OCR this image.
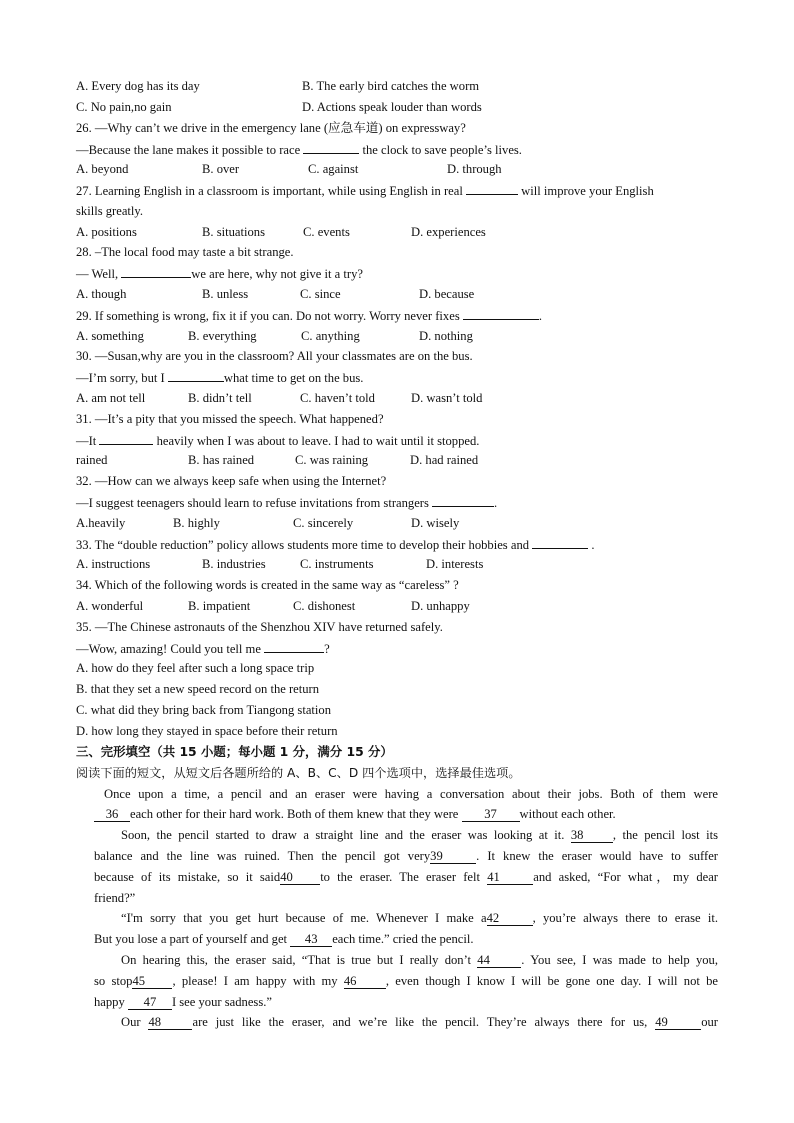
A. Every dog has its day	B. The early bird catches the worm
C. No pain,no gain	D. Actions speak louder than words
26. —Why can’t we drive in the emergency lane (应急车道) on expressway?
—Because the lane makes it possible to race	the clock to save people’s lives.
A. beyond	B. over	C. against	D. through
27. Learning English in a classroom is important, while using English in real	will improve your English
skills greatly.
A. positions	B. situations	C. events	D. experiences
28. –The local food may taste a bit strange.
— Well,	we are here, why not give it a try?
A. though	B. unless	C. since	D. because
29. If something is wrong, fix it if you can. Do not worry. Worry never fixes	.
A. something	B. everything	C. anything	D. nothing
30. —Susan,why are you in the classroom? All your classmates are on the bus.
—I’m sorry, but I	what time to get on the bus.
A. am not tell	B. didn’t tell	C. haven’t told	D. wasn’t told
31. —It’s a pity that you missed the speech. What happened?
—It	heavily when I was about to leave. I had to wait until it stopped.
rained	B. has rained	C. was raining	D. had rained
32. —How can we always keep safe when using the Internet?
—I suggest teenagers should learn to refuse invitations from strangers	.
A.heavily	B. highly	C. sincerely	D. wisely
33. The “double reduction” policy allows students more time to develop their hobbies and	.
A. instructions	B. industries	C. instruments	D. interests
34. Which of the following words is created in the same way as “careless” ?
A. wonderful	B. impatient	C. dishonest	D. unhappy
35. —The Chinese astronauts of the Shenzhou XIV have returned safely.
—Wow, amazing! Could you tell me	?
A. how do they feel after such a long space trip
B. that they set a new speed record on the return
C. what did they bring back from Tiangong station
D. how long they stayed in space before their return
三、完形填空（共 15 小题；每小题 1 分，满分 15 分）
阅读下面的短文，从短文后各题所给的 A、B、C、D 四个选项中，选择最佳选项。
Once upon a time, a pencil and an eraser were having a conversation about their jobs. Both of them were
36 each other for their hard work. Both of them knew that they were 37 without each other.
Soon, the pencil started to draw a straight line and the eraser was looking at it. 38 , the pencil lost its
balance and the line was ruined. Then the pencil got very39	. It knew the eraser would have to suffer
because of its mistake, so it said40 to the eraser. The eraser felt 41	and asked, “For what，my dear
friend?”
“I'm sorry that you get hurt because of me. Whenever I make a42	, you’re always there to erase it.
But you lose a part of yourself and get 43 each time.” cried the pencil.
On hearing this, the eraser said, “That is true but I really don’t 44 . You see, I was made to help you,
so stop45 , please! I am happy with my 46 , even though I know I will be gone one day. I will not be
happy 47 I see your sadness.”
Our 48 are just like the eraser, and we’re like the pencil. They’re always there for us, 49	our
